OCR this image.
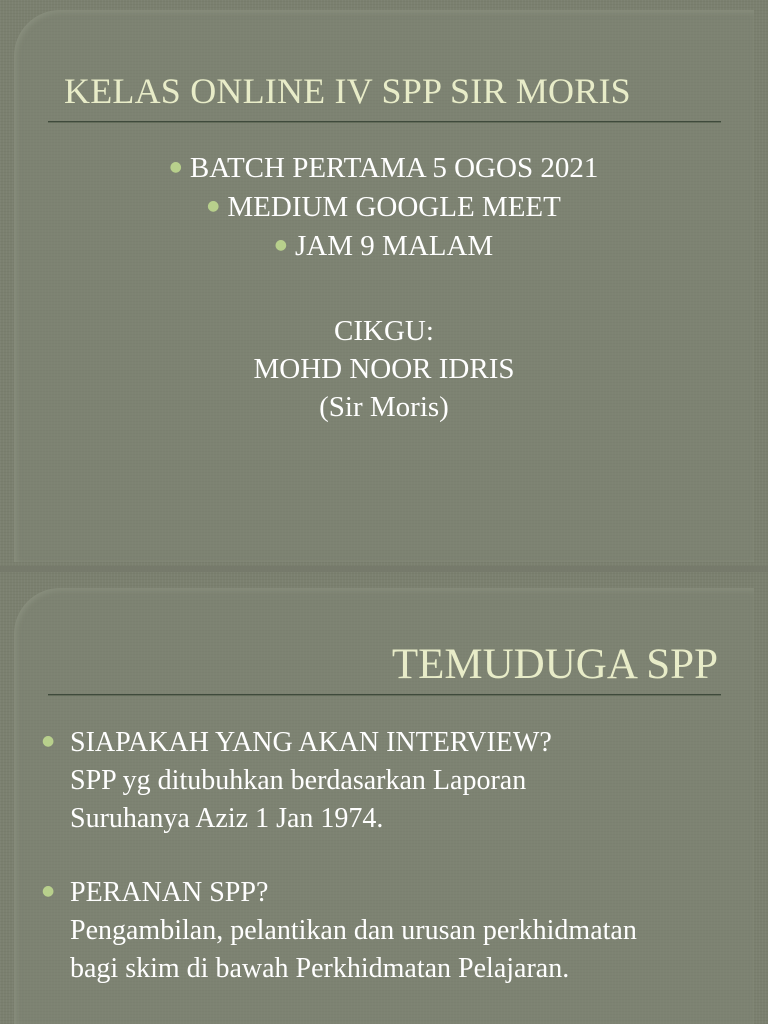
KELAS ONLINE IV SPP SIR MORIS
● BATCH PERTAMA 5 OGOS 2021
● MEDIUM GOOGLE MEET
● JAM 9 MALAM
CIKGU:
MOHD NOOR IDRIS
(Sir Moris)
TEMUDUGA SPP
● SIAPAKAH YANG AKAN INTERVIEW?
SPP yg ditubuhkan berdasarkan Laporan
Suruhanya Aziz 1 Jan 1974.
● PERANAN SPP?
Pengambilan, pelantikan dan urusan perkhidmatan
bagi skim di bawah Perkhidmatan Pelajaran.
